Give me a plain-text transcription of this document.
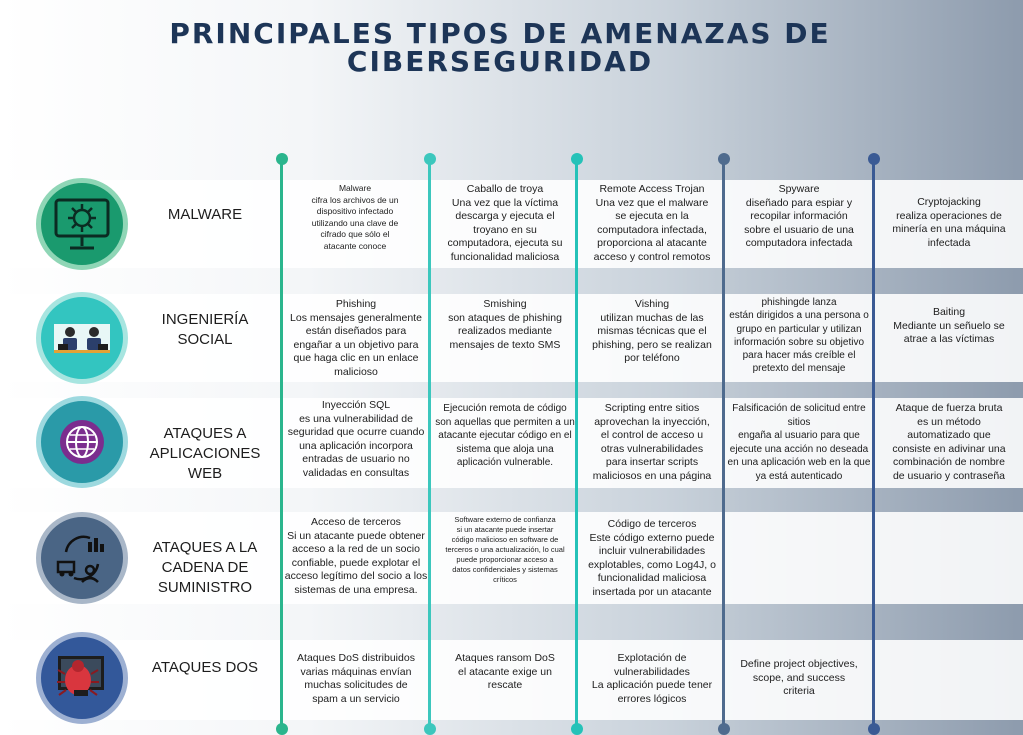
PRINCIPALES TIPOS DE AMENAZAS DE
CIBERSEGURIDAD
MALWARE
INGENIERÍA
SOCIAL
ATAQUES A
APLICACIONES
WEB
ATAQUES A LA
CADENA DE
SUMINISTRO
ATAQUES DOS
Malware
cifra los archivos de un
dispositivo infectado
utilizando una clave de
cifrado que sólo el
atacante conoce
Caballo de troya
Una vez que la víctima
descarga y ejecuta el
troyano en su
computadora, ejecuta su
funcionalidad maliciosa
Remote Access Trojan
Una vez que el malware
se ejecuta en la
computadora infectada,
proporciona al atacante
acceso y control remotos
Spyware
diseñado para espiar y
recopilar información
sobre el usuario de una
computadora infectada
Cryptojacking
realiza operaciones de
minería en una máquina
infectada
Phishing
Los mensajes generalmente
están diseñados para
engañar a un objetivo para
que haga clic en un enlace
malicioso
Smishing
son ataques de phishing
realizados mediante
mensajes de texto SMS
Vishing
utilizan muchas de las
mismas técnicas que el
phishing, pero se realizan
por teléfono
phishingde lanza
están dirigidos a una persona o
grupo en particular y utilizan
información sobre su objetivo
para hacer más creíble el
pretexto del mensaje
Baiting
Mediante un señuelo se
atrae a las víctimas
Inyección SQL
es una vulnerabilidad de
seguridad que ocurre cuando
una aplicación incorpora
entradas de usuario no
validadas en consultas
Ejecución remota de código
son aquellas que permiten a un
atacante ejecutar código en el
sistema que aloja una
aplicación vulnerable.
Scripting entre sitios
aprovechan la inyección,
el control de acceso u
otras vulnerabilidades
para insertar scripts
maliciosos en una página
Falsificación de solicitud entre
sitios
engaña al usuario para que
ejecute una acción no deseada
en una aplicación web en la que
ya está autenticado
Ataque de fuerza bruta
es un método
automatizado que
consiste en adivinar una
combinación de nombre
de usuario y contraseña
Acceso de terceros
Si un atacante puede obtener
acceso a la red de un socio
confiable, puede explotar el
acceso legítimo del socio a los
sistemas de una empresa.
Software externo de confianza
si un atacante puede insertar
código malicioso en software de
terceros o una actualización, lo cual
puede proporcionar acceso a
datos confidenciales y sistemas
críticos
Código de terceros
Este código externo puede
incluir vulnerabilidades
explotables, como Log4J, o
funcionalidad maliciosa
insertada por un atacante
Ataques DoS distribuidos
varias máquinas envían
muchas solicitudes de
spam a un servicio
Ataques ransom DoS
el atacante exige un
rescate
Explotación de
vulnerabilidades
La aplicación puede tener
errores lógicos
Define project objectives,
scope, and success
criteria
